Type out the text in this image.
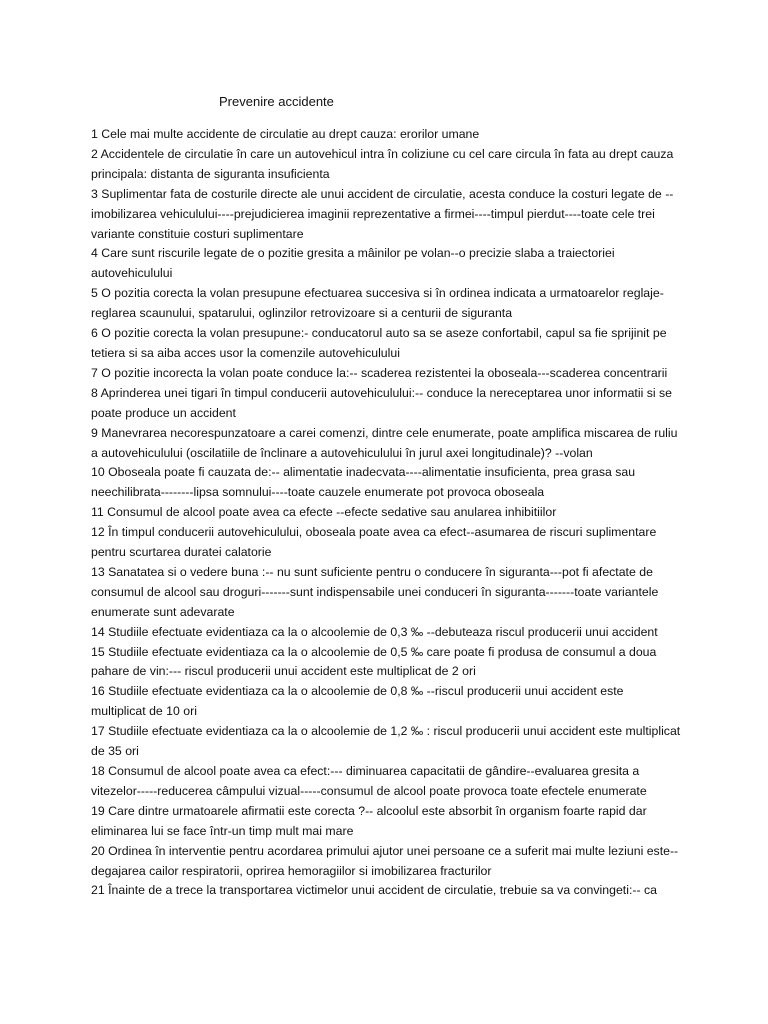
Prevenire accidente

1 Cele mai multe accidente de circulatie au drept cauza: erorilor umane

2 Accidentele de circulatie în care un autovehicul intra în coliziune cu cel care circula în fata au drept cauza principala: distanta de siguranta insuficienta

3 Suplimentar fata de costurile directe ale unui accident de circulatie, acesta conduce la costuri legate de --imobilizarea vehiculului----prejudicierea imaginii reprezentative a firmei----timpul pierdut----toate cele trei variante constituie costuri suplimentare

4 Care sunt riscurile legate de o pozitie gresita a mâinilor pe volan--o precizie slaba a traiectoriei autovehiculului

5 O pozitia corecta la volan presupune efectuarea succesiva si în ordinea indicata a urmatoarelor reglaje-reglarea scaunului, spatarului, oglinzilor retrovizoare si a centurii de siguranta

6 O pozitie corecta la volan presupune:- conducatorul auto sa se aseze confortabil, capul sa fie sprijinit pe tetiera si sa aiba acces usor la comenzile autovehiculului

7 O pozitie incorecta la volan poate conduce la:-- scaderea rezistentei la oboseala---scaderea concentrarii

8 Aprinderea unei tigari în timpul conducerii autovehiculului:-- conduce la nereceptarea unor informatii si se poate produce un accident

9 Manevrarea necorespunzatoare a carei comenzi, dintre cele enumerate, poate amplifica miscarea de ruliu a autovehiculului (oscilatiile de înclinare a autovehiculului în jurul axei longitudinale)? --volan

10 Oboseala poate fi cauzata de:-- alimentatie inadecvata----alimentatie insuficienta, prea grasa sau neechilibrata--------lipsa somnului----toate cauzele enumerate pot provoca oboseala

11 Consumul de alcool poate avea ca efecte --efecte sedative sau anularea inhibitiilor

12 În timpul conducerii autovehiculului, oboseala poate avea ca efect--asumarea de riscuri suplimentare pentru scurtarea duratei calatorie

13 Sanatatea si o vedere buna :-- nu sunt suficiente pentru o conducere în siguranta---pot fi afectate de consumul de alcool sau droguri-------sunt indispensabile unei conduceri în siguranta-------toate variantele enumerate sunt adevarate

14 Studiile efectuate evidentiaza ca la o alcoolemie de 0,3 ‰ --debuteaza riscul producerii unui accident

15 Studiile efectuate evidentiaza ca la o alcoolemie de 0,5 ‰ care poate fi produsa de consumul a doua pahare de vin:--- riscul producerii unui accident este multiplicat de 2 ori

16 Studiile efectuate evidentiaza ca la o alcoolemie de 0,8 ‰ --riscul producerii unui accident este multiplicat de 10 ori

17 Studiile efectuate evidentiaza ca la o alcoolemie de 1,2 ‰ : riscul producerii unui accident este multiplicat de 35 ori

18 Consumul de alcool poate avea ca efect:--- diminuarea capacitatii de gândire--evaluarea gresita a vitezelor-----reducerea câmpului vizual-----consumul de alcool poate provoca toate efectele enumerate

19 Care dintre urmatoarele afirmatii este corecta ?-- alcoolul este absorbit în organism foarte rapid dar eliminarea lui se face într-un timp mult mai mare

20 Ordinea în interventie pentru acordarea primului ajutor unei persoane ce a suferit mai multe leziuni este--degajarea cailor respiratorii, oprirea hemoragiilor si imobilizarea fracturilor

21 Înainte de a trece la transportarea victimelor unui accident de circulatie, trebuie sa va convingeti:-- ca
